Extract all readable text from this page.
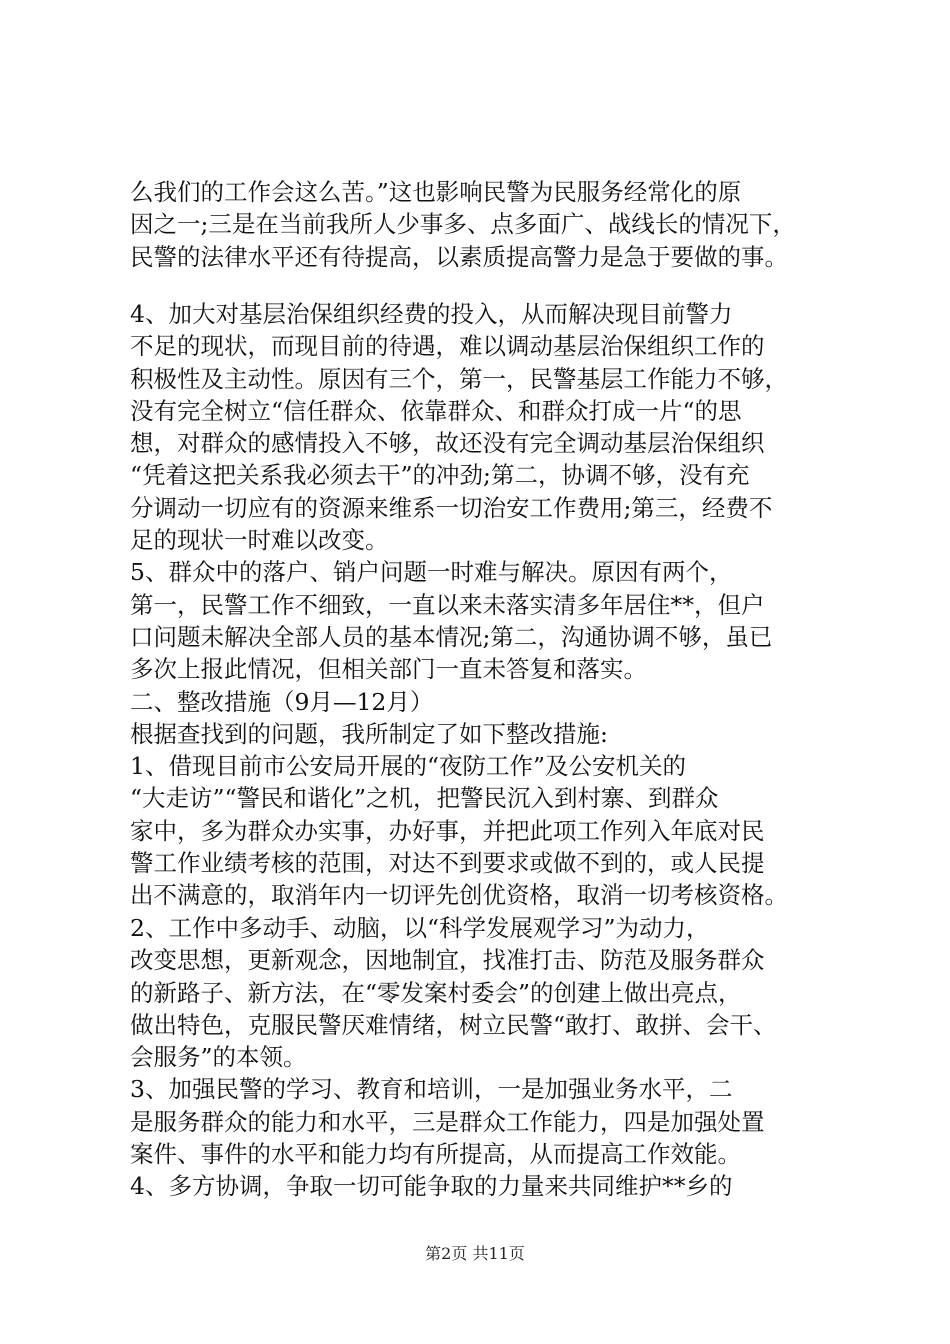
么我们的工作会这么苦。”这也影响民警为民服务经常化的原
因之一;三是在当前我所人少事多、点多面广、战线长的情况下，
民警的法律水平还有待提高，以素质提高警力是急于要做的事。
4、加大对基层治保组织经费的投入，从而解决现目前警力
不足的现状，而现目前的待遇，难以调动基层治保组织工作的
积极性及主动性。原因有三个，第一，民警基层工作能力不够，
没有完全树立“信任群众、依靠群众、和群众打成一片“的思
想，对群众的感情投入不够，故还没有完全调动基层治保组织
“凭着这把关系我必须去干”的冲劲;第二，协调不够，没有充
分调动一切应有的资源来维系一切治安工作费用;第三，经费不
足的现状一时难以改变。
5、群众中的落户、销户问题一时难与解决。原因有两个，
第一，民警工作不细致，一直以来未落实清多年居住**，但户
口问题未解决全部人员的基本情况;第二，沟通协调不够，虽已
多次上报此情况，但相关部门一直未答复和落实。
二、整改措施（9月—12月）
根据查找到的问题，我所制定了如下整改措施:
1、借现目前市公安局开展的“夜防工作”及公安机关的
“大走访”“警民和谐化”之机，把警民沉入到村寨、到群众
家中，多为群众办实事，办好事，并把此项工作列入年底对民
警工作业绩考核的范围，对达不到要求或做不到的，或人民提
出不满意的，取消年内一切评先创优资格，取消一切考核资格。
2、工作中多动手、动脑，以“科学发展观学习”为动力，
改变思想，更新观念，因地制宜，找准打击、防范及服务群众
的新路子、新方法，在“零发案村委会”的创建上做出亮点，
做出特色，克服民警厌难情绪，树立民警“敢打、敢拼、会干、
会服务”的本领。
3、加强民警的学习、教育和培训，一是加强业务水平，二
是服务群众的能力和水平，三是群众工作能力，四是加强处置
案件、事件的水平和能力均有所提高，从而提高工作效能。
4、多方协调，争取一切可能争取的力量来共同维护**乡的
第2页 共11页
